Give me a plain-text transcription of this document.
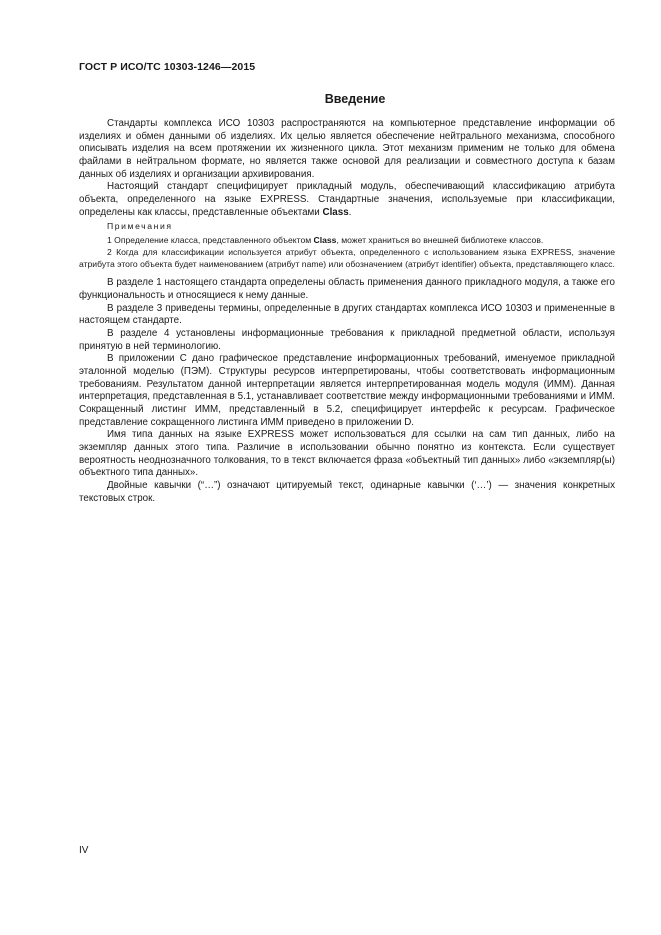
ГОСТ Р ИСО/ТС 10303-1246—2015
Введение

Стандарты комплекса ИСО 10303 распространяются на компьютерное представление информации об изделиях и обмен данными об изделиях. Их целью является обеспечение нейтрального механизма, способного описывать изделия на всем протяжении их жизненного цикла. Этот механизм применим не только для обмена файлами в нейтральном формате, но является также основой для реализации и совместного доступа к базам данных об изделиях и организации архивирования.

Настоящий стандарт специфицирует прикладный модуль, обеспечивающий классификацию атрибута объекта, определенного на языке EXPRESS. Стандартные значения, используемые при классификации, определены как классы, представленные объектами Class.

Примечания

1 Определение класса, представленного объектом Class, может храниться во внешней библиотеке классов.

2 Когда для классификации используется атрибут объекта, определенного с использованием языка EXPRESS, значение атрибута этого объекта будет наименованием (атрибут name) или обозначением (атрибут identifier) объекта, представляющего класс.

В разделе 1 настоящего стандарта определены область применения данного прикладного модуля, а также его функциональность и относящиеся к нему данные.

В разделе 3 приведены термины, определенные в других стандартах комплекса ИСО 10303 и примененные в настоящем стандарте.

В разделе 4 установлены информационные требования к прикладной предметной области, используя принятую в ней терминологию.

В приложении C дано графическое представление информационных требований, именуемое прикладной эталонной моделью (ПЭМ). Структуры ресурсов интерпретированы, чтобы соответствовать информационным требованиям. Результатом данной интерпретации является интерпретированная модель модуля (ИММ). Данная интерпретация, представленная в 5.1, устанавливает соответствие между информационными требованиями и ИММ. Сокращенный листинг ИММ, представленный в 5.2, специфицирует интерфейс к ресурсам. Графическое представление сокращенного листинга ИММ приведено в приложении D.

Имя типа данных на языке EXPRESS может использоваться для ссылки на сам тип данных, либо на экземпляр данных этого типа. Различие в использовании обычно понятно из контекста. Если существует вероятность неоднозначного толкования, то в текст включается фраза «объектный тип данных» либо «экземпляр(ы) объектного типа данных».

Двойные кавычки (“…”) означают цитируемый текст, одинарные кавычки (‘…’) — значения конкретных текстовых строк.

IV
